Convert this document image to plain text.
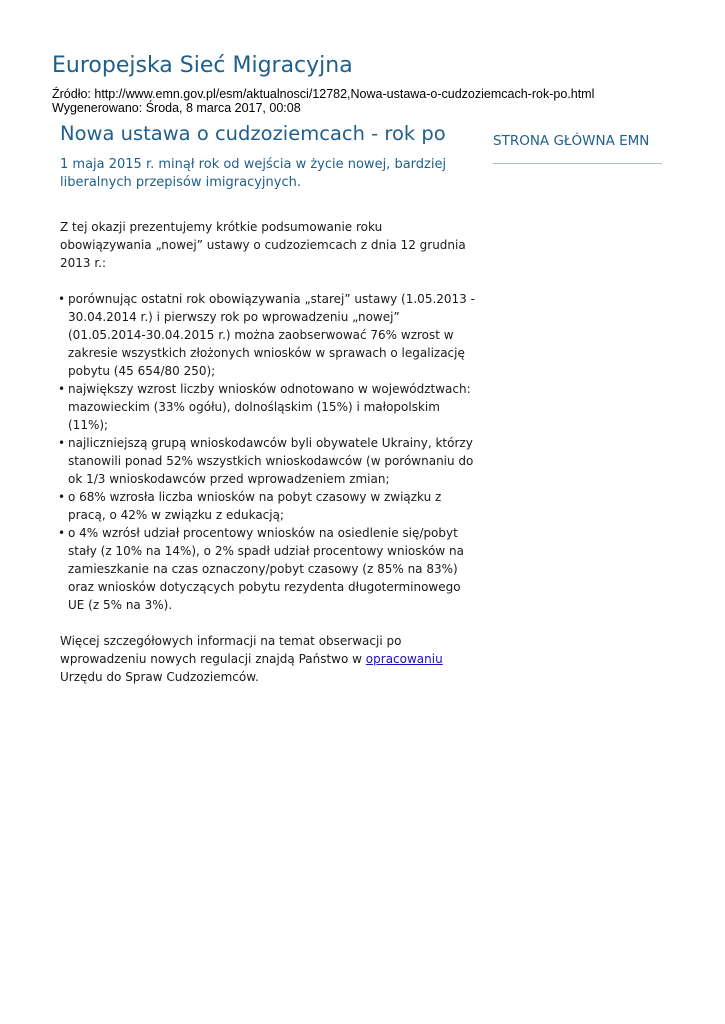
Europejska Sieć Migracyjna
Źródło: http://www.emn.gov.pl/esm/aktualnosci/12782,Nowa-ustawa-o-cudzoziemcach-rok-po.html
Wygenerowano: Środa, 8 marca 2017, 00:08
Nowa ustawa o cudzoziemcach - rok po

1 maja 2015 r. minął rok od wejścia w życie nowej, bardziej liberalnych przepisów imigracyjnych.

Z tej okazji prezentujemy krótkie podsumowanie roku obowiązywania „nowej” ustawy o cudzoziemcach z dnia 12 grudnia 2013 r.:

• porównując ostatni rok obowiązywania „starej” ustawy (1.05.2013 - 30.04.2014 r.) i pierwszy rok po wprowadzeniu „nowej” (01.05.2014-30.04.2015 r.) można zaobserwować 76% wzrost w zakresie wszystkich złożonych wniosków w sprawach o legalizację pobytu (45 654/80 250);
• największy wzrost liczby wniosków odnotowano w województwach: mazowieckim (33% ogółu), dolnośląskim (15%) i małopolskim (11%);
• najliczniejszą grupą wnioskodawców byli obywatele Ukrainy, którzy stanowili ponad 52% wszystkich wnioskodawców (w porównaniu do ok 1/3 wnioskodawców przed wprowadzeniem zmian;
• o 68% wzrosła liczba wniosków na pobyt czasowy w związku z pracą, o 42% w związku z edukacją;
• o 4% wzrósł udział procentowy wniosków na osiedlenie się/pobyt stały (z 10% na 14%), o 2% spadł udział procentowy wniosków na zamieszkanie na czas oznaczony/pobyt czasowy (z 85% na 83%) oraz wniosków dotyczących pobytu rezydenta długoterminowego UE (z 5% na 3%).

Więcej szczegółowych informacji na temat obserwacji po wprowadzeniu nowych regulacji znajdą Państwo w opracowaniu Urzędu do Spraw Cudzoziemców.

STRONA GŁÓWNA EMN
